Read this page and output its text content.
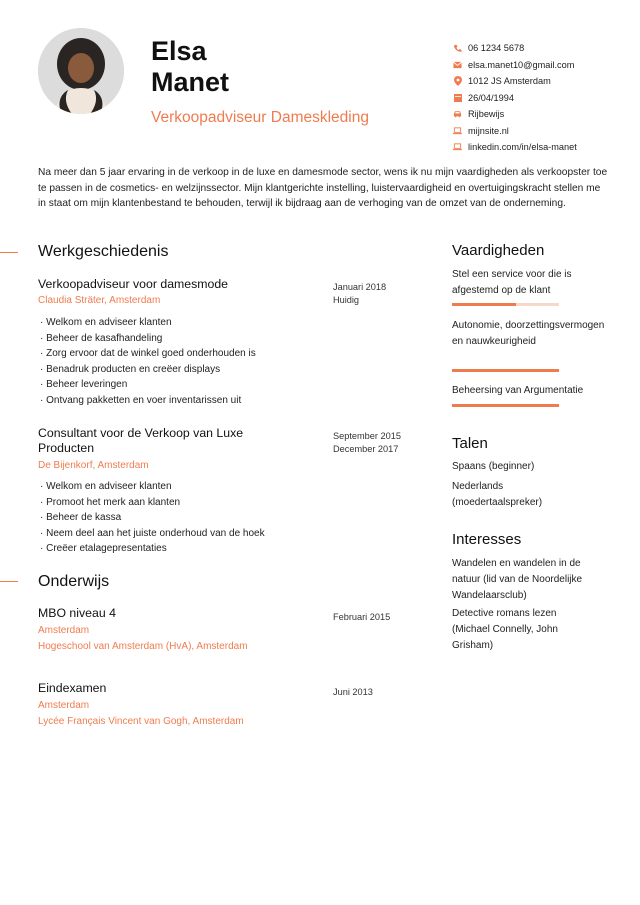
Elsa
Manet
Verkoopadviseur Dameskleding
06 1234 5678
elsa.manet10@gmail.com
1012 JS Amsterdam
26/04/1994
Rijbewijs
mijnsite.nl
linkedin.com/in/elsa-manet
Na meer dan 5 jaar ervaring in de verkoop in de luxe en damesmode sector, wens ik nu mijn vaardigheden als verkoopster toe te passen in de cosmetics- en welzijnssector. Mijn klantgerichte instelling, luistervaardigheid en overtuigingskracht stellen me in staat om mijn klantenbestand te behouden, terwijl ik bijdraag aan de verhoging van de omzet van de onderneming.
Werkgeschiedenis
Verkoopadviseur voor damesmode
Claudia Sträter, Amsterdam
Januari 2018
Huidig
· Welkom en adviseer klanten
· Beheer de kasafhandeling
· Zorg ervoor dat de winkel goed onderhouden is
· Benadruk producten en creëer displays
· Beheer leveringen
· Ontvang pakketten en voer inventarissen uit
Consultant voor de Verkoop van Luxe Producten
De Bijenkorf, Amsterdam
September 2015
December 2017
· Welkom en adviseer klanten
· Promoot het merk aan klanten
· Beheer de kassa
· Neem deel aan het juiste onderhoud van de hoek
· Creëer etalagepresentaties
Onderwijs
MBO niveau 4
Amsterdam
Hogeschool van Amsterdam (HvA), Amsterdam
Februari 2015
Eindexamen
Amsterdam
Lycée Français Vincent van Gogh, Amsterdam
Juni 2013
Vaardigheden
Stel een service voor die is afgestemd op de klant
Autonomie, doorzettingsvermogen en nauwkeurigheid
Beheersing van Argumentatie
Talen
Spaans (beginner)
Nederlands (moedertaalspreker)
Interesses
Wandelen en wandelen in de natuur (lid van de Noordelijke Wandelaarsclub)
Detective romans lezen (Michael Connelly, John Grisham)
